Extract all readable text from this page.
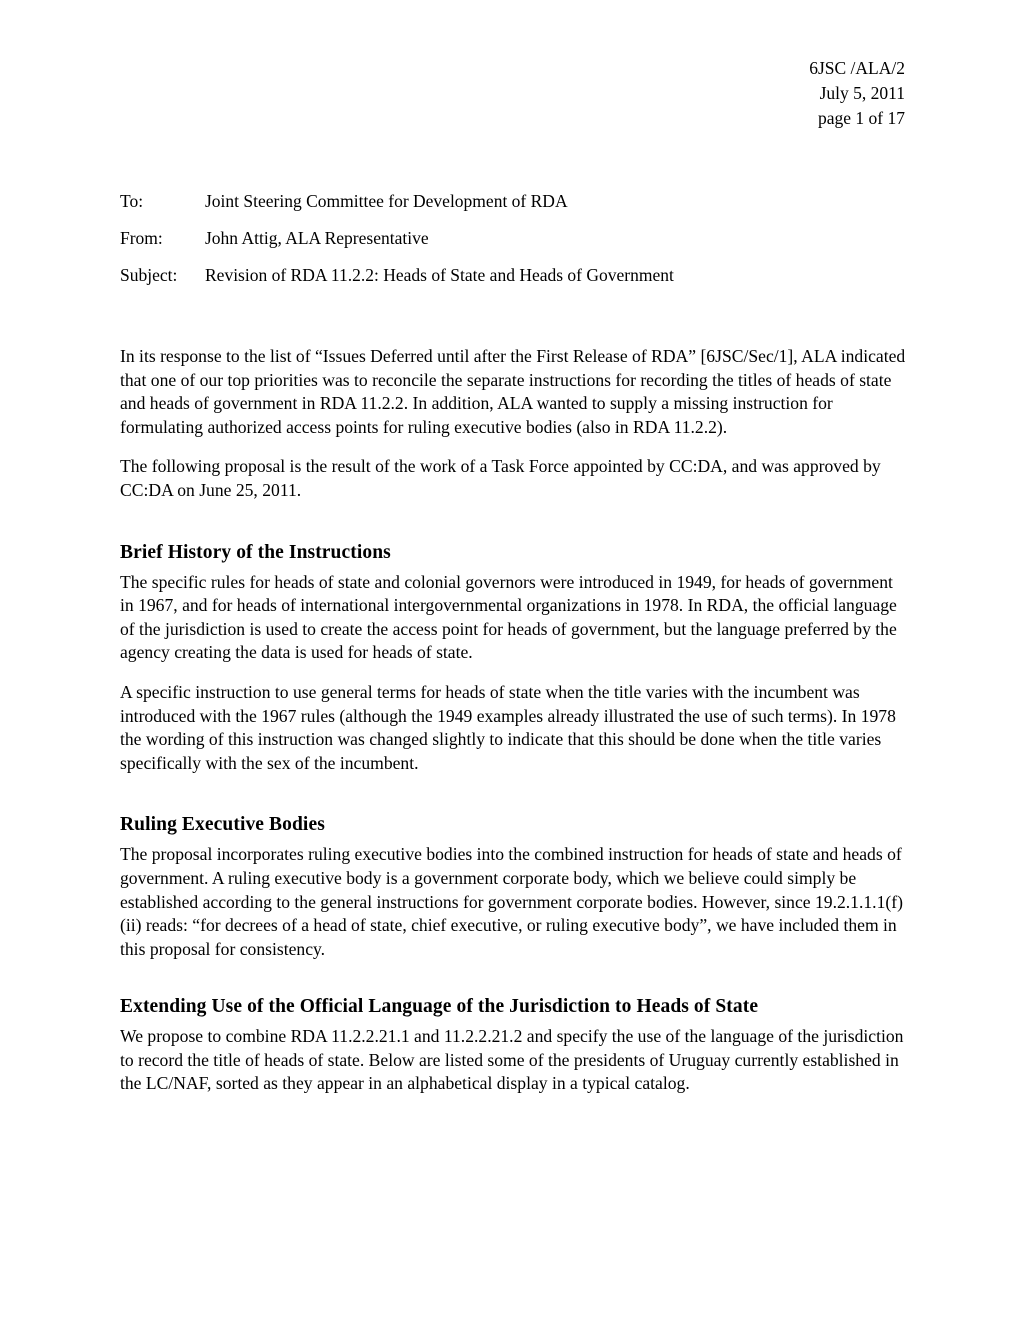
6JSC /ALA/2
July 5, 2011
page 1 of 17
To:	Joint Steering Committee for Development of RDA
From:	John Attig, ALA Representative
Subject:	Revision of RDA 11.2.2: Heads of State and Heads of Government

In its response to the list of “Issues Deferred until after the First Release of RDA” [6JSC/Sec/1], ALA indicated that one of our top priorities was to reconcile the separate instructions for recording the titles of heads of state and heads of government in RDA 11.2.2. In addition, ALA wanted to supply a missing instruction for formulating authorized access points for ruling executive bodies (also in RDA 11.2.2).

The following proposal is the result of the work of a Task Force appointed by CC:DA, and was approved by CC:DA on June 25, 2011.

Brief History of the Instructions

The specific rules for heads of state and colonial governors were introduced in 1949, for heads of government in 1967, and for heads of international intergovernmental organizations in 1978. In RDA, the official language of the jurisdiction is used to create the access point for heads of government, but the language preferred by the agency creating the data is used for heads of state.

A specific instruction to use general terms for heads of state when the title varies with the incumbent was introduced with the 1967 rules (although the 1949 examples already illustrated the use of such terms). In 1978 the wording of this instruction was changed slightly to indicate that this should be done when the title varies specifically with the sex of the incumbent.

Ruling Executive Bodies

The proposal incorporates ruling executive bodies into the combined instruction for heads of state and heads of government. A ruling executive body is a government corporate body, which we believe could simply be established according to the general instructions for government corporate bodies. However, since 19.2.1.1.1(f)(ii) reads: “for decrees of a head of state, chief executive, or ruling executive body”, we have included them in this proposal for consistency.

Extending Use of the Official Language of the Jurisdiction to Heads of State

We propose to combine RDA 11.2.2.21.1 and 11.2.2.21.2 and specify the use of the language of the jurisdiction to record the title of heads of state. Below are listed some of the presidents of Uruguay currently established in the LC/NAF, sorted as they appear in an alphabetical display in a typical catalog.
